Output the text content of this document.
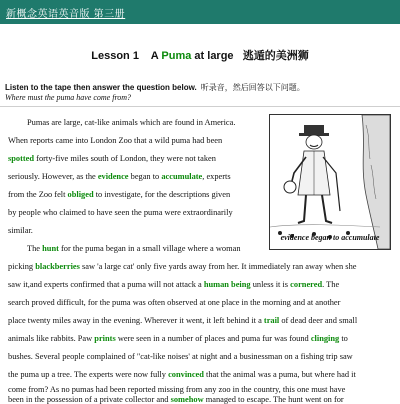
新概念英语英音版 第三册
Lesson 1 A Puma at large 逃遁的美洲狮
Listen to the tape then answer the question below. 听录音，然后回答以下问题。
Where must the puma have come from?
evidence began to accumulate
Pumas are large, cat-like animals which are found in America.
When reports came into London Zoo that a wild puma had been
spotted forty-five miles south of London, they were not taken
seriously. However, as the evidence began to accumulate, experts
from the Zoo felt obliged to investigate, for the descriptions given
by people who claimed to have seen the puma were extraordinarily
similar.
The hunt for the puma began in a small village where a woman
picking blackberries saw 'a large cat' only five yards away from her. It immediately ran away when she
saw it,and experts confirmed that a puma will not attack a human being unless it is cornered. The
search proved difficult, for the puma was often observed at one place in the morning and at another
place twenty miles away in the evening. Wherever it went, it left behind it a trail of dead deer and small
animals like rabbits. Paw prints were seen in a number of places and puma fur was found clinging to
bushes. Several people complained of "cat-like noises' at night and a businessman on a fishing trip saw
the puma up a tree. The experts were now fully convinced that the animal was a puma, but where had it
come from? As no pumas had been reported missing from any zoo in the country, this one must have
been in the possession of a private collector and somehow managed to escape. The hunt went on for
